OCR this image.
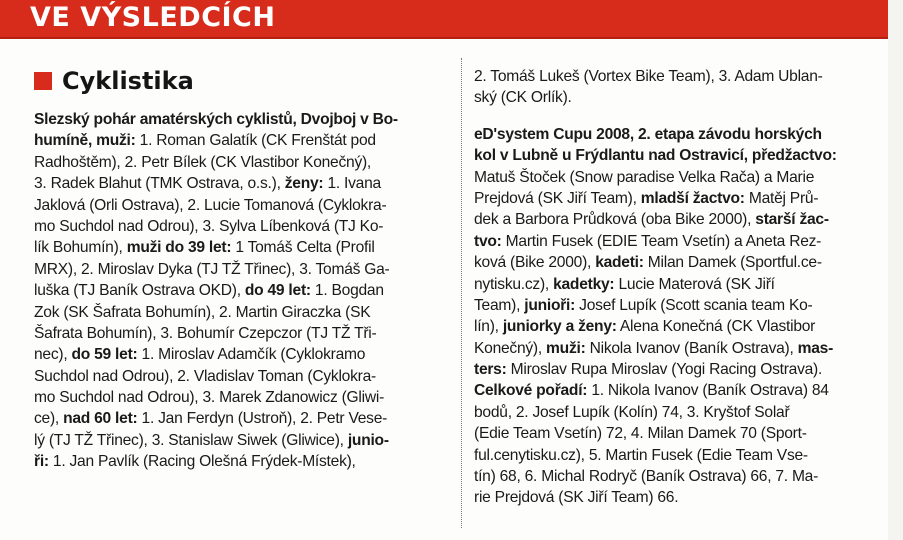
VE VÝSLEDCÍCH
Cyklistika
Slezský pohár amatérských cyklistů, Dvojboj v Bo-
humíně, muži: 1. Roman Galatík (CK Frenštát pod
Radhoštěm), 2. Petr Bílek (CK Vlastibor Konečný),
3. Radek Blahut (TMK Ostrava, o.s.), ženy: 1. Ivana
Jaklová (Orli Ostrava), 2. Lucie Tomanová (Cyklokra-
mo Suchdol nad Odrou), 3. Sylva Líbenková (TJ Ko-
lík Bohumín), muži do 39 let: 1 Tomáš Celta (Profil
MRX), 2. Miroslav Dyka (TJ TŽ Třinec), 3. Tomáš Ga-
luška (TJ Baník Ostrava OKD), do 49 let: 1. Bogdan
Zok (SK Šafrata Bohumín), 2. Martin Giraczka (SK
Šafrata Bohumín), 3. Bohumír Czepczor (TJ TŽ Tři-
nec), do 59 let: 1. Miroslav Adamčík (Cyklokramo
Suchdol nad Odrou), 2. Vladislav Toman (Cyklokra-
mo Suchdol nad Odrou), 3. Marek Zdanowicz (Gliwi-
ce), nad 60 let: 1. Jan Ferdyn (Ustroň), 2. Petr Vese-
lý (TJ TŽ Třinec), 3. Stanislaw Siwek (Gliwice), junio-
ři: 1. Jan Pavlík (Racing Olešná Frýdek-Místek),
2. Tomáš Lukeš (Vortex Bike Team), 3. Adam Ublan-
ský (CK Orlík).
eD'system Cupu 2008, 2. etapa závodu horských
kol v Lubně u Frýdlantu nad Ostravicí, předžactvo:
Matuš Štoček (Snow paradise Velka Rača) a Marie
Prejdová (SK Jiří Team), mladší žactvo: Matěj Prů-
dek a Barbora Průdková (oba Bike 2000), starší žac-
tvo: Martin Fusek (EDIE Team Vsetín) a Aneta Rez-
ková (Bike 2000), kadeti: Milan Damek (Sportful.ce-
nytisku.cz), kadetky: Lucie Materová (SK Jiří
Team), junioři: Josef Lupík (Scott scania team Ko-
lín), juniorky a ženy: Alena Konečná (CK Vlastibor
Konečný), muži: Nikola Ivanov (Baník Ostrava), mas-
ters: Miroslav Rupa Miroslav (Yogi Racing Ostrava).
Celkové pořadí: 1. Nikola Ivanov (Baník Ostrava) 84
bodů, 2. Josef Lupík (Kolín) 74, 3. Kryštof Solař
(Edie Team Vsetín) 72, 4. Milan Damek 70 (Sport-
ful.cenytisku.cz), 5. Martin Fusek (Edie Team Vse-
tín) 68, 6. Michal Rodryč (Baník Ostrava) 66, 7. Ma-
rie Prejdová (SK Jiří Team) 66.
